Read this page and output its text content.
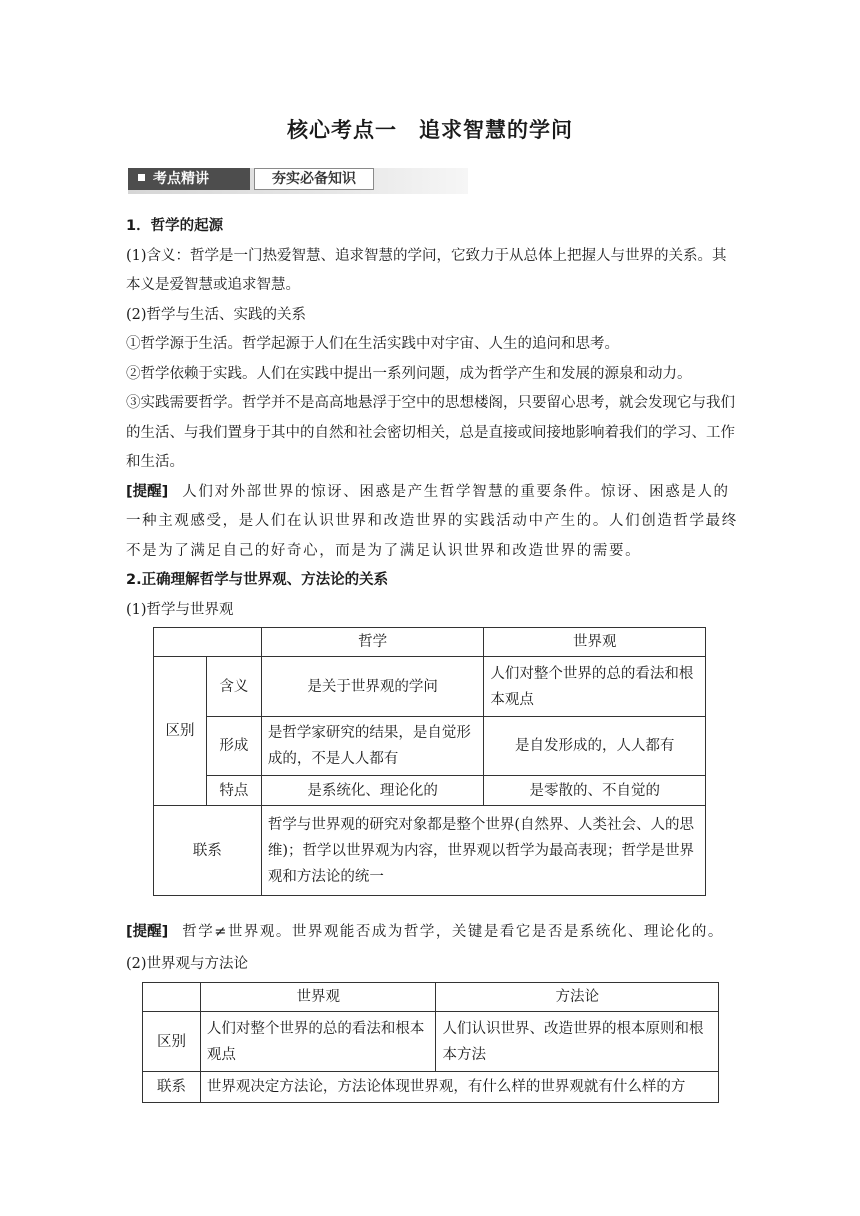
核心考点一 追求智慧的学问
考点精讲	夯实必备知识

1．哲学的起源

(1)含义：哲学是一门热爱智慧、追求智慧的学问，它致力于从总体上把握人与世界的关系。其本义是爱智慧或追求智慧。

(2)哲学与生活、实践的关系

①哲学源于生活。哲学起源于人们在生活实践中对宇宙、人生的追问和思考。

②哲学依赖于实践。人们在实践中提出一系列问题，成为哲学产生和发展的源泉和动力。

③实践需要哲学。哲学并不是高高地悬浮于空中的思想楼阁，只要留心思考，就会发现它与我们的生活、与我们置身于其中的自然和社会密切相关，总是直接或间接地影响着我们的学习、工作和生活。

[提醒] 人们对外部世界的惊讶、困惑是产生哲学智慧的重要条件。惊讶、困惑是人的一种主观感受，是人们在认识世界和改造世界的实践活动中产生的。人们创造哲学最终不是为了满足自己的好奇心，而是为了满足认识世界和改造世界的需要。

2.正确理解哲学与世界观、方法论的关系

(1)哲学与世界观

		哲学	世界观
区别	含义	是关于世界观的学问	人们对整个世界的总的看法和根本观点
	形成	是哲学家研究的结果，是自觉形成的，不是人人都有	是自发形成的，人人都有
	特点	是系统化、理论化的	是零散的、不自觉的
联系		哲学与世界观的研究对象都是整个世界(自然界、人类社会、人的思维)；哲学以世界观为内容，世界观以哲学为最高表现；哲学是世界观和方法论的统一	
[提醒] 哲学≠世界观。世界观能否成为哲学，关键是看它是否是系统化、理论化的。
(2)世界观与方法论
	世界观	方法论
区别	人们对整个世界的总的看法和根本观点	人们认识世界、改造世界的根本原则和根本方法
联系	世界观决定方法论，方法论体现世界观，有什么样的世界观就有什么样的方	
